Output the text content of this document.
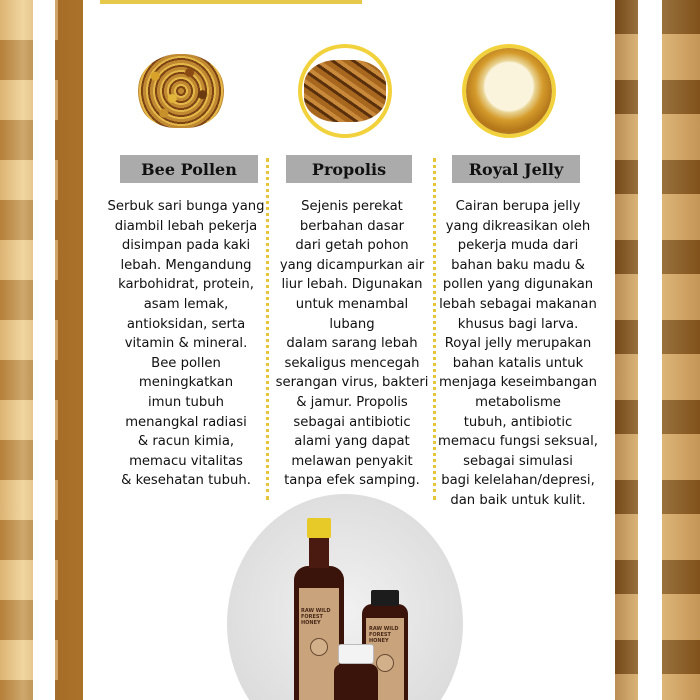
Bee Pollen	Propolis	Royal Jelly
Serbuk sari bunga yang
diambil lebah pekerja
disimpan pada kaki
lebah. Mengandung
karbohidrat, protein,
asam lemak,
antioksidan, serta
vitamin & mineral.
Bee pollen
meningkatkan
imun tubuh
menangkal radiasi
& racun kimia,
memacu vitalitas
& kesehatan tubuh.
Sejenis perekat
berbahan dasar
dari getah pohon
yang dicampurkan air
liur lebah. Digunakan
untuk menambal lubang
dalam sarang lebah
sekaligus mencegah
serangan virus, bakteri
& jamur. Propolis
sebagai antibiotic
alami yang dapat
melawan penyakit
tanpa efek samping.
Cairan berupa jelly
yang dikreasikan oleh
pekerja muda dari
bahan baku madu &
pollen yang digunakan
lebah sebagai makanan
khusus bagi larva.
Royal jelly merupakan
bahan katalis untuk
menjaga keseimbangan
metabolisme
tubuh, antibiotic
memacu fungsi seksual,
sebagai simulasi
bagi kelelahan/depresi,
dan baik untuk kulit.
RAW WILD FOREST HONEY
RAW WILD FOREST HONEY
